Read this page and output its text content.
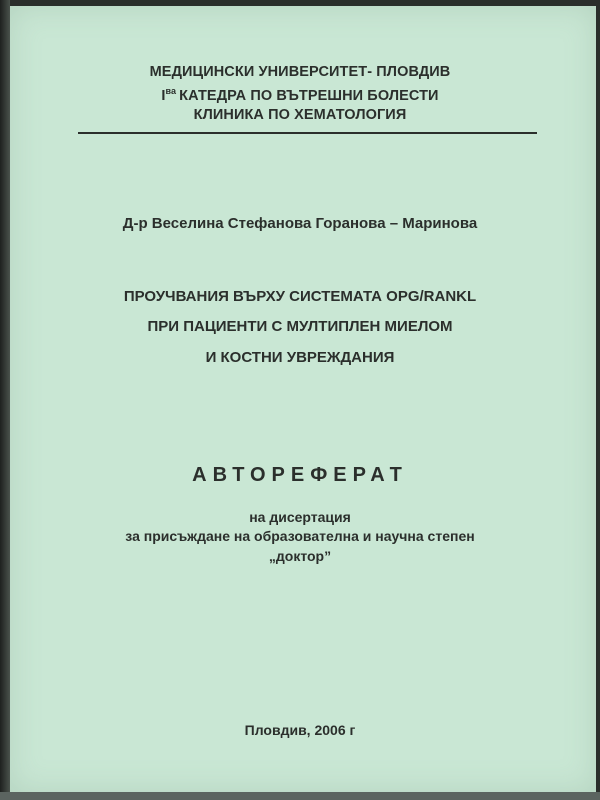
МЕДИЦИНСКИ УНИВЕРСИТЕТ- ПЛОВДИВ
$I^{ва}$ КАТЕДРА ПО ВЪТРЕШНИ БОЛЕСТИ
КЛИНИКА ПО ХЕМАТОЛОГИЯ
Д-р Веселина Стефанова Горанова – Маринова
ПРОУЧВАНИЯ ВЪРХУ СИСТЕМАТА OPG/RANKL
ПРИ ПАЦИЕНТИ С МУЛТИПЛЕН МИЕЛОМ
И КОСТНИ УВРЕЖДАНИЯ
АВТОРЕФЕРАТ
на дисертация
за присъждане на образователна и научна степен
„доктор”
Пловдив, 2006 г
